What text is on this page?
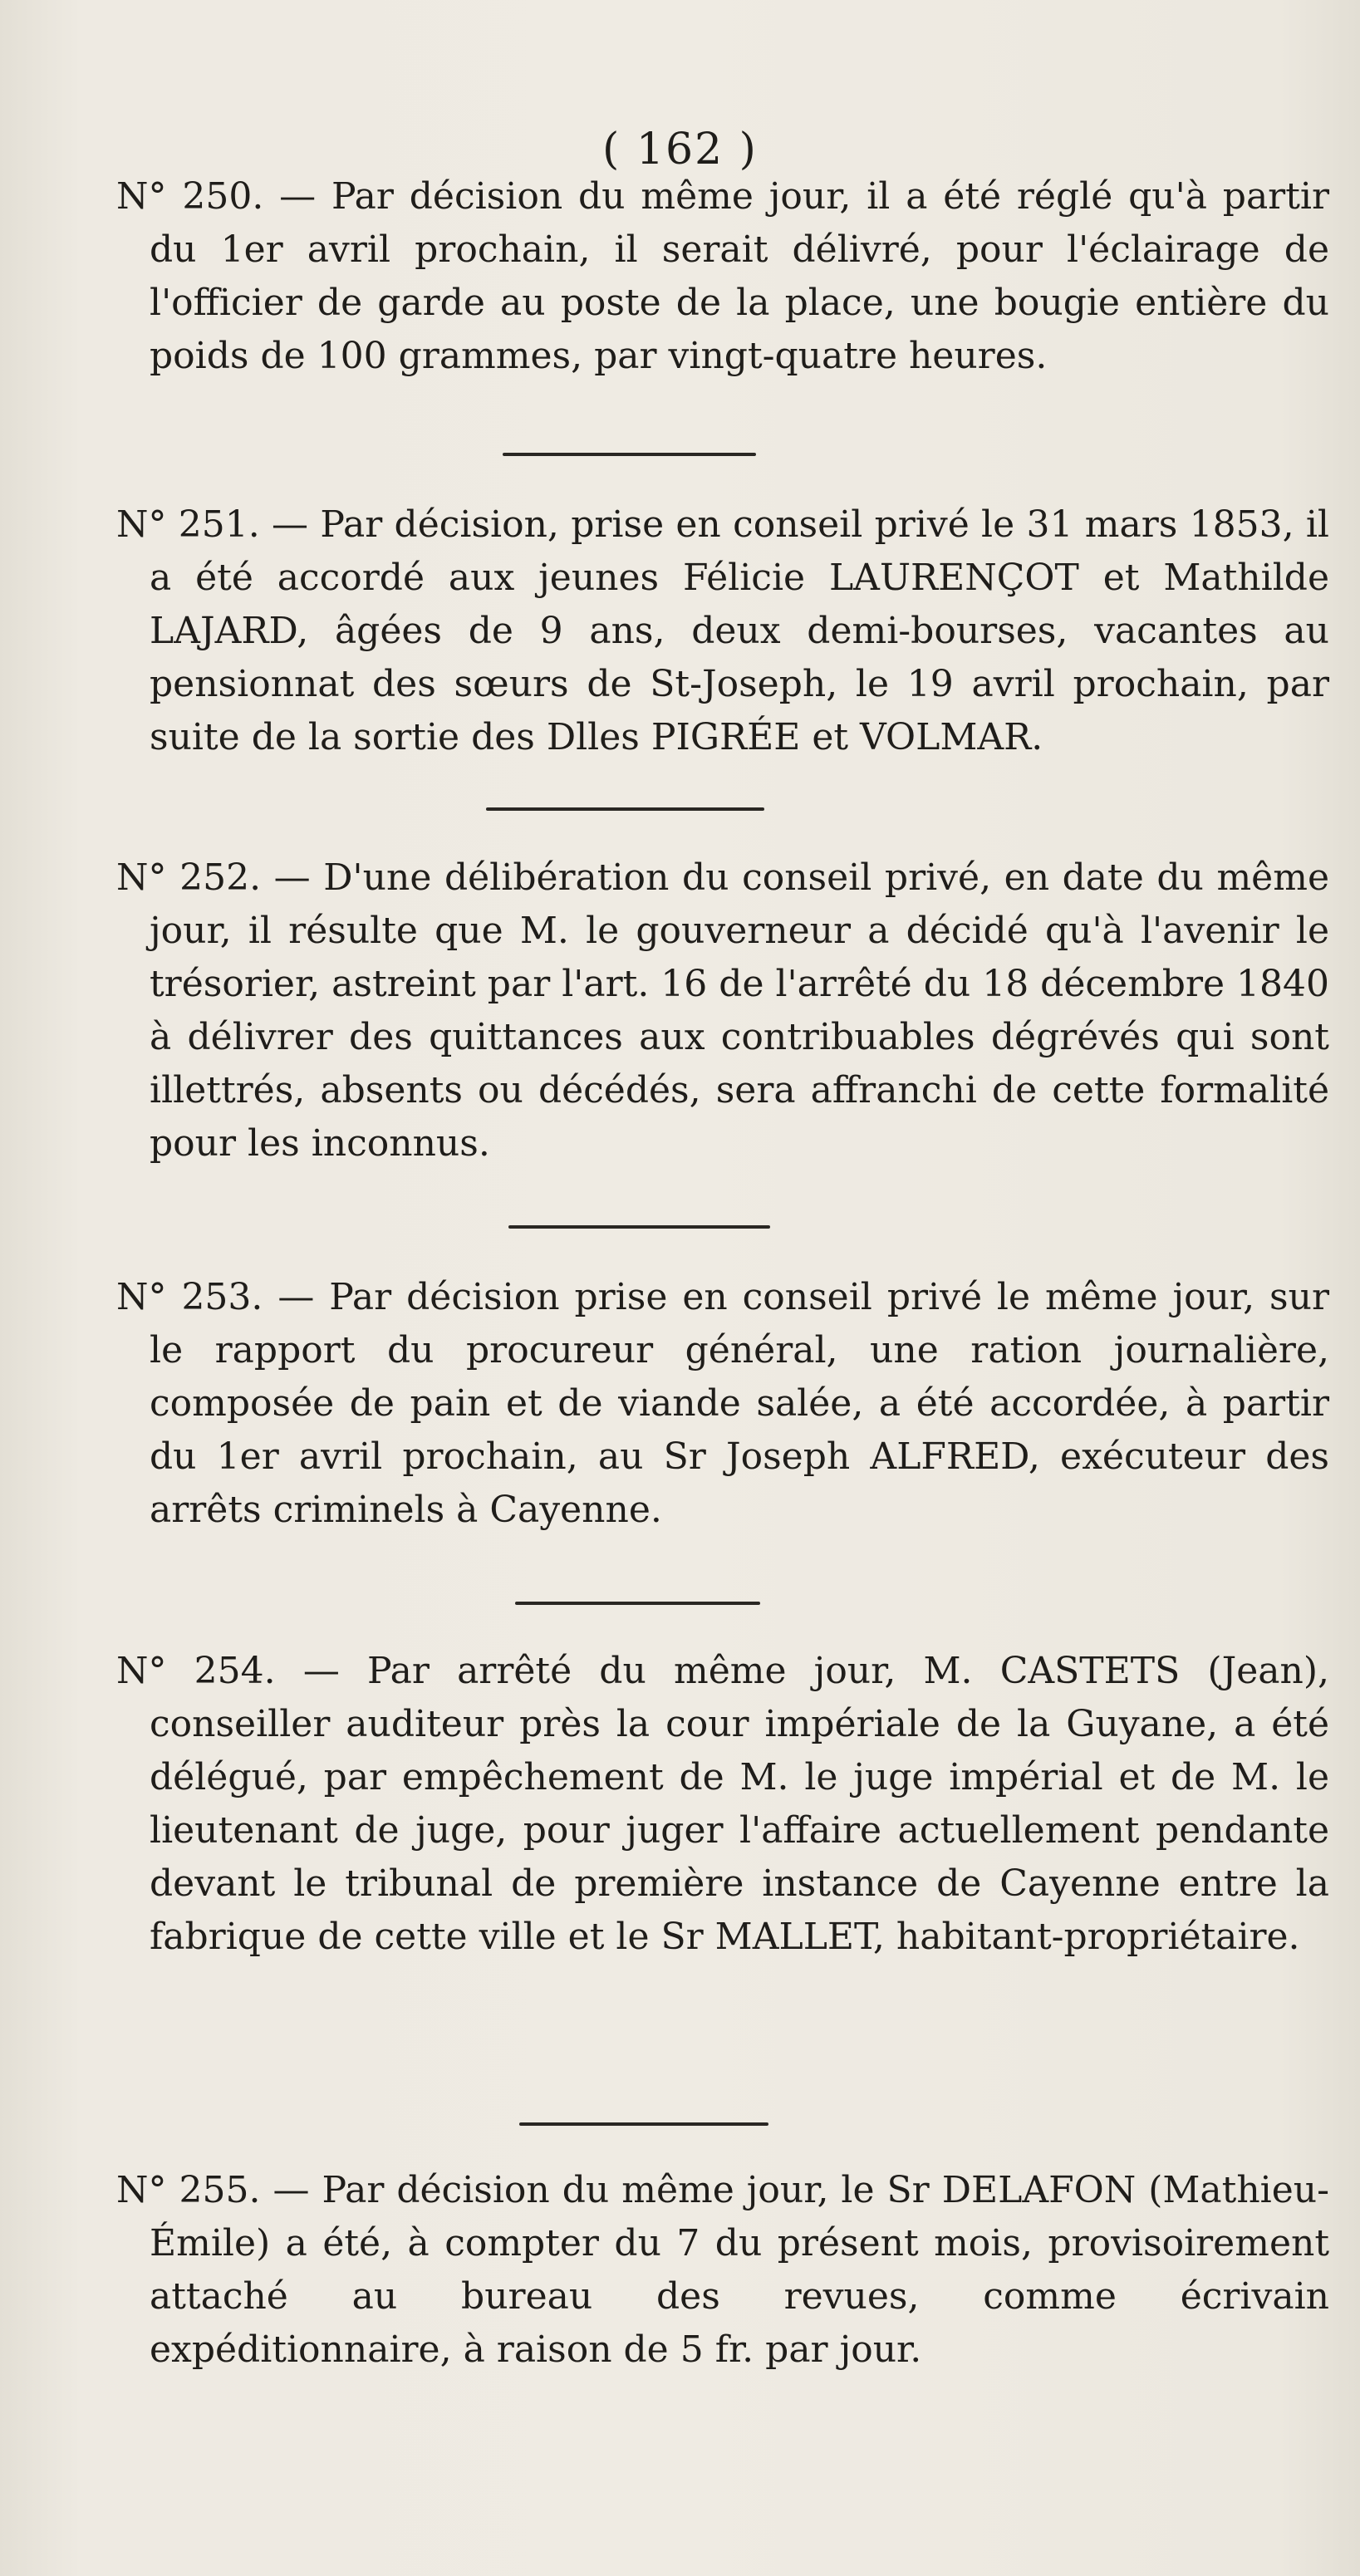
( 162 )
N° 250. — Par décision du même jour, il a été réglé qu'à partir du 1er avril prochain, il serait délivré, pour l'éclairage de l'officier de garde au poste de la place, une bougie entière du poids de 100 grammes, par vingt-quatre heures.
N° 251. — Par décision, prise en conseil privé le 31 mars 1853, il a été accordé aux jeunes Félicie LAURENÇOT et Mathilde LAJARD, âgées de 9 ans, deux demi-bourses, vacantes au pensionnat des sœurs de St-Joseph, le 19 avril prochain, par suite de la sortie des Dlles PIGRÉE et VOLMAR.
N° 252. — D'une délibération du conseil privé, en date du même jour, il résulte que M. le gouverneur a décidé qu'à l'avenir le trésorier, astreint par l'art. 16 de l'arrêté du 18 décembre 1840 à délivrer des quittances aux contribuables dégrévés qui sont illettrés, absents ou décédés, sera affranchi de cette formalité pour les inconnus.
N° 253. — Par décision prise en conseil privé le même jour, sur le rapport du procureur général, une ration journalière, composée de pain et de viande salée, a été accordée, à partir du 1er avril prochain, au Sr Joseph ALFRED, exécuteur des arrêts criminels à Cayenne.
N° 254. — Par arrêté du même jour, M. CASTETS (Jean), conseiller auditeur près la cour impériale de la Guyane, a été délégué, par empêchement de M. le juge impérial et de M. le lieutenant de juge, pour juger l'affaire actuellement pendante devant le tribunal de première instance de Cayenne entre la fabrique de cette ville et le Sr MALLET, habitant-propriétaire.
N° 255. — Par décision du même jour, le Sr DELAFON (Mathieu-Émile) a été, à compter du 7 du présent mois, provisoirement attaché au bureau des revues, comme écrivain expéditionnaire, à raison de 5 fr. par jour.
